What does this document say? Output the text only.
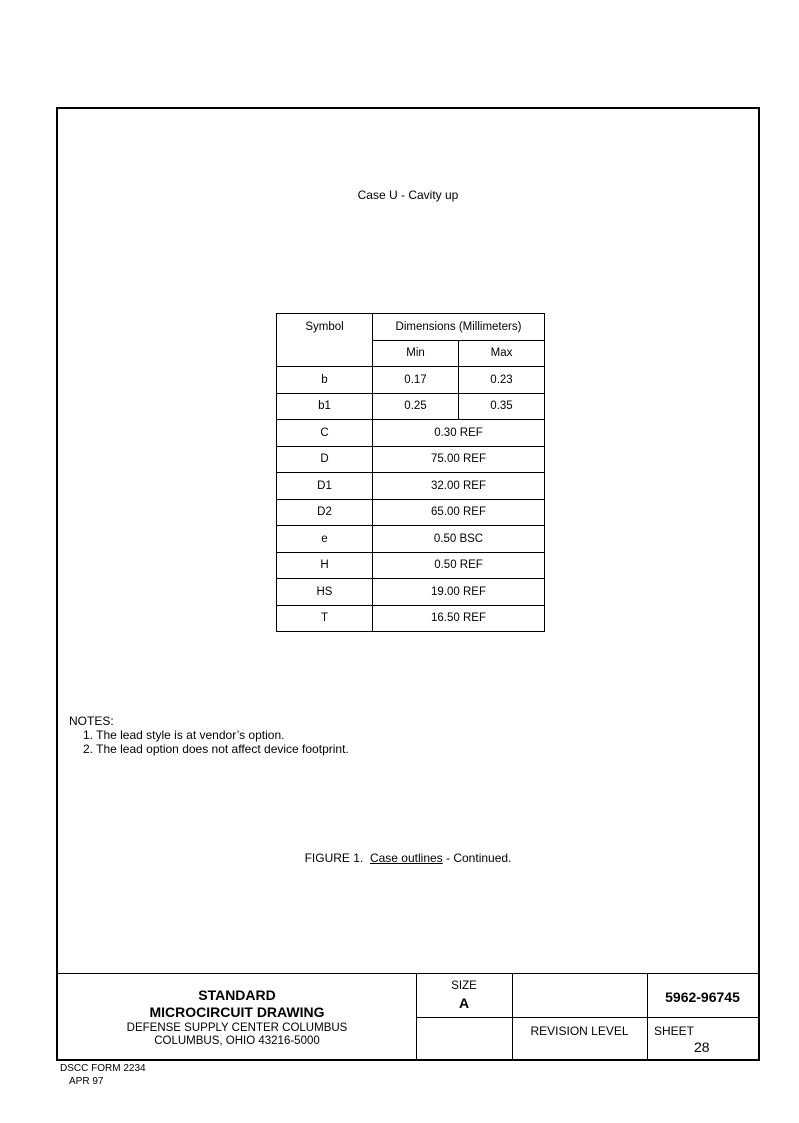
Case U - Cavity up
Symbol	Dimensions (Millimeters)	
	Min	Max
b	0.17	0.23
b1	0.25	0.35
C	0.30 REF	
D	75.00 REF	
D1	32.00 REF	
D2	65.00 REF	
e	0.50 BSC	
H	0.50 REF	
HS	19.00 REF	
T	16.50 REF	
NOTES:
1. The lead style is at vendor’s option.
2. The lead option does not affect device footprint.
FIGURE 1. Case outlines - Continued.
STANDARD
MICROCIRCUIT DRAWING
DEFENSE SUPPLY CENTER COLUMBUS
COLUMBUS, OHIO 43216-5000
SIZE
A	5962-96745
REVISION LEVEL	SHEET
28
DSCC FORM 2234
APR 97
